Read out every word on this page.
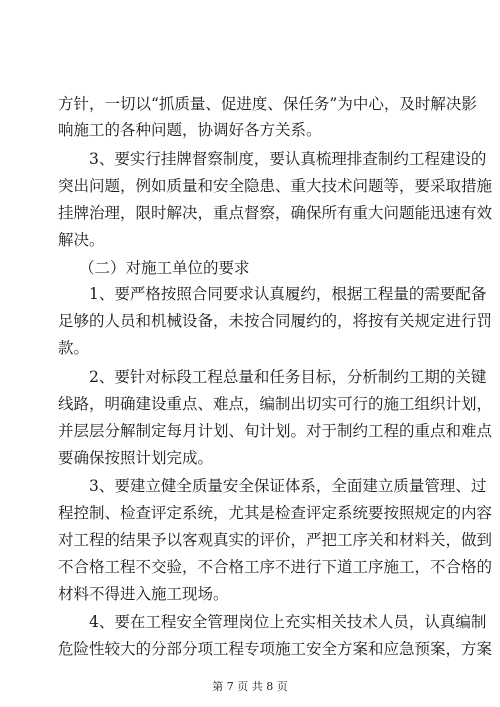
方针，一切以“抓质量、促进度、保任务”为中心，及时解决影
响施工的各种问题，协调好各方关系。
3、要实行挂牌督察制度，要认真梳理排查制约工程建设的
突出问题，例如质量和安全隐患、重大技术问题等，要采取措施
挂牌治理，限时解决，重点督察，确保所有重大问题能迅速有效
解决。
（二）对施工单位的要求
1、要严格按照合同要求认真履约，根据工程量的需要配备
足够的人员和机械设备，未按合同履约的，将按有关规定进行罚
款。
2、要针对标段工程总量和任务目标，分析制约工期的关键
线路，明确建设重点、难点，编制出切实可行的施工组织计划，
并层层分解制定每月计划、旬计划。对于制约工程的重点和难点
要确保按照计划完成。
3、要建立健全质量安全保证体系，全面建立质量管理、过
程控制、检查评定系统，尤其是检查评定系统要按照规定的内容
对工程的结果予以客观真实的评价，严把工序关和材料关，做到
不合格工程不交验，不合格工序不进行下道工序施工，不合格的
材料不得进入施工现场。
4、要在工程安全管理岗位上充实相关技术人员，认真编制
危险性较大的分部分项工程专项施工安全方案和应急预案，方案
第 7 页 共 8 页
